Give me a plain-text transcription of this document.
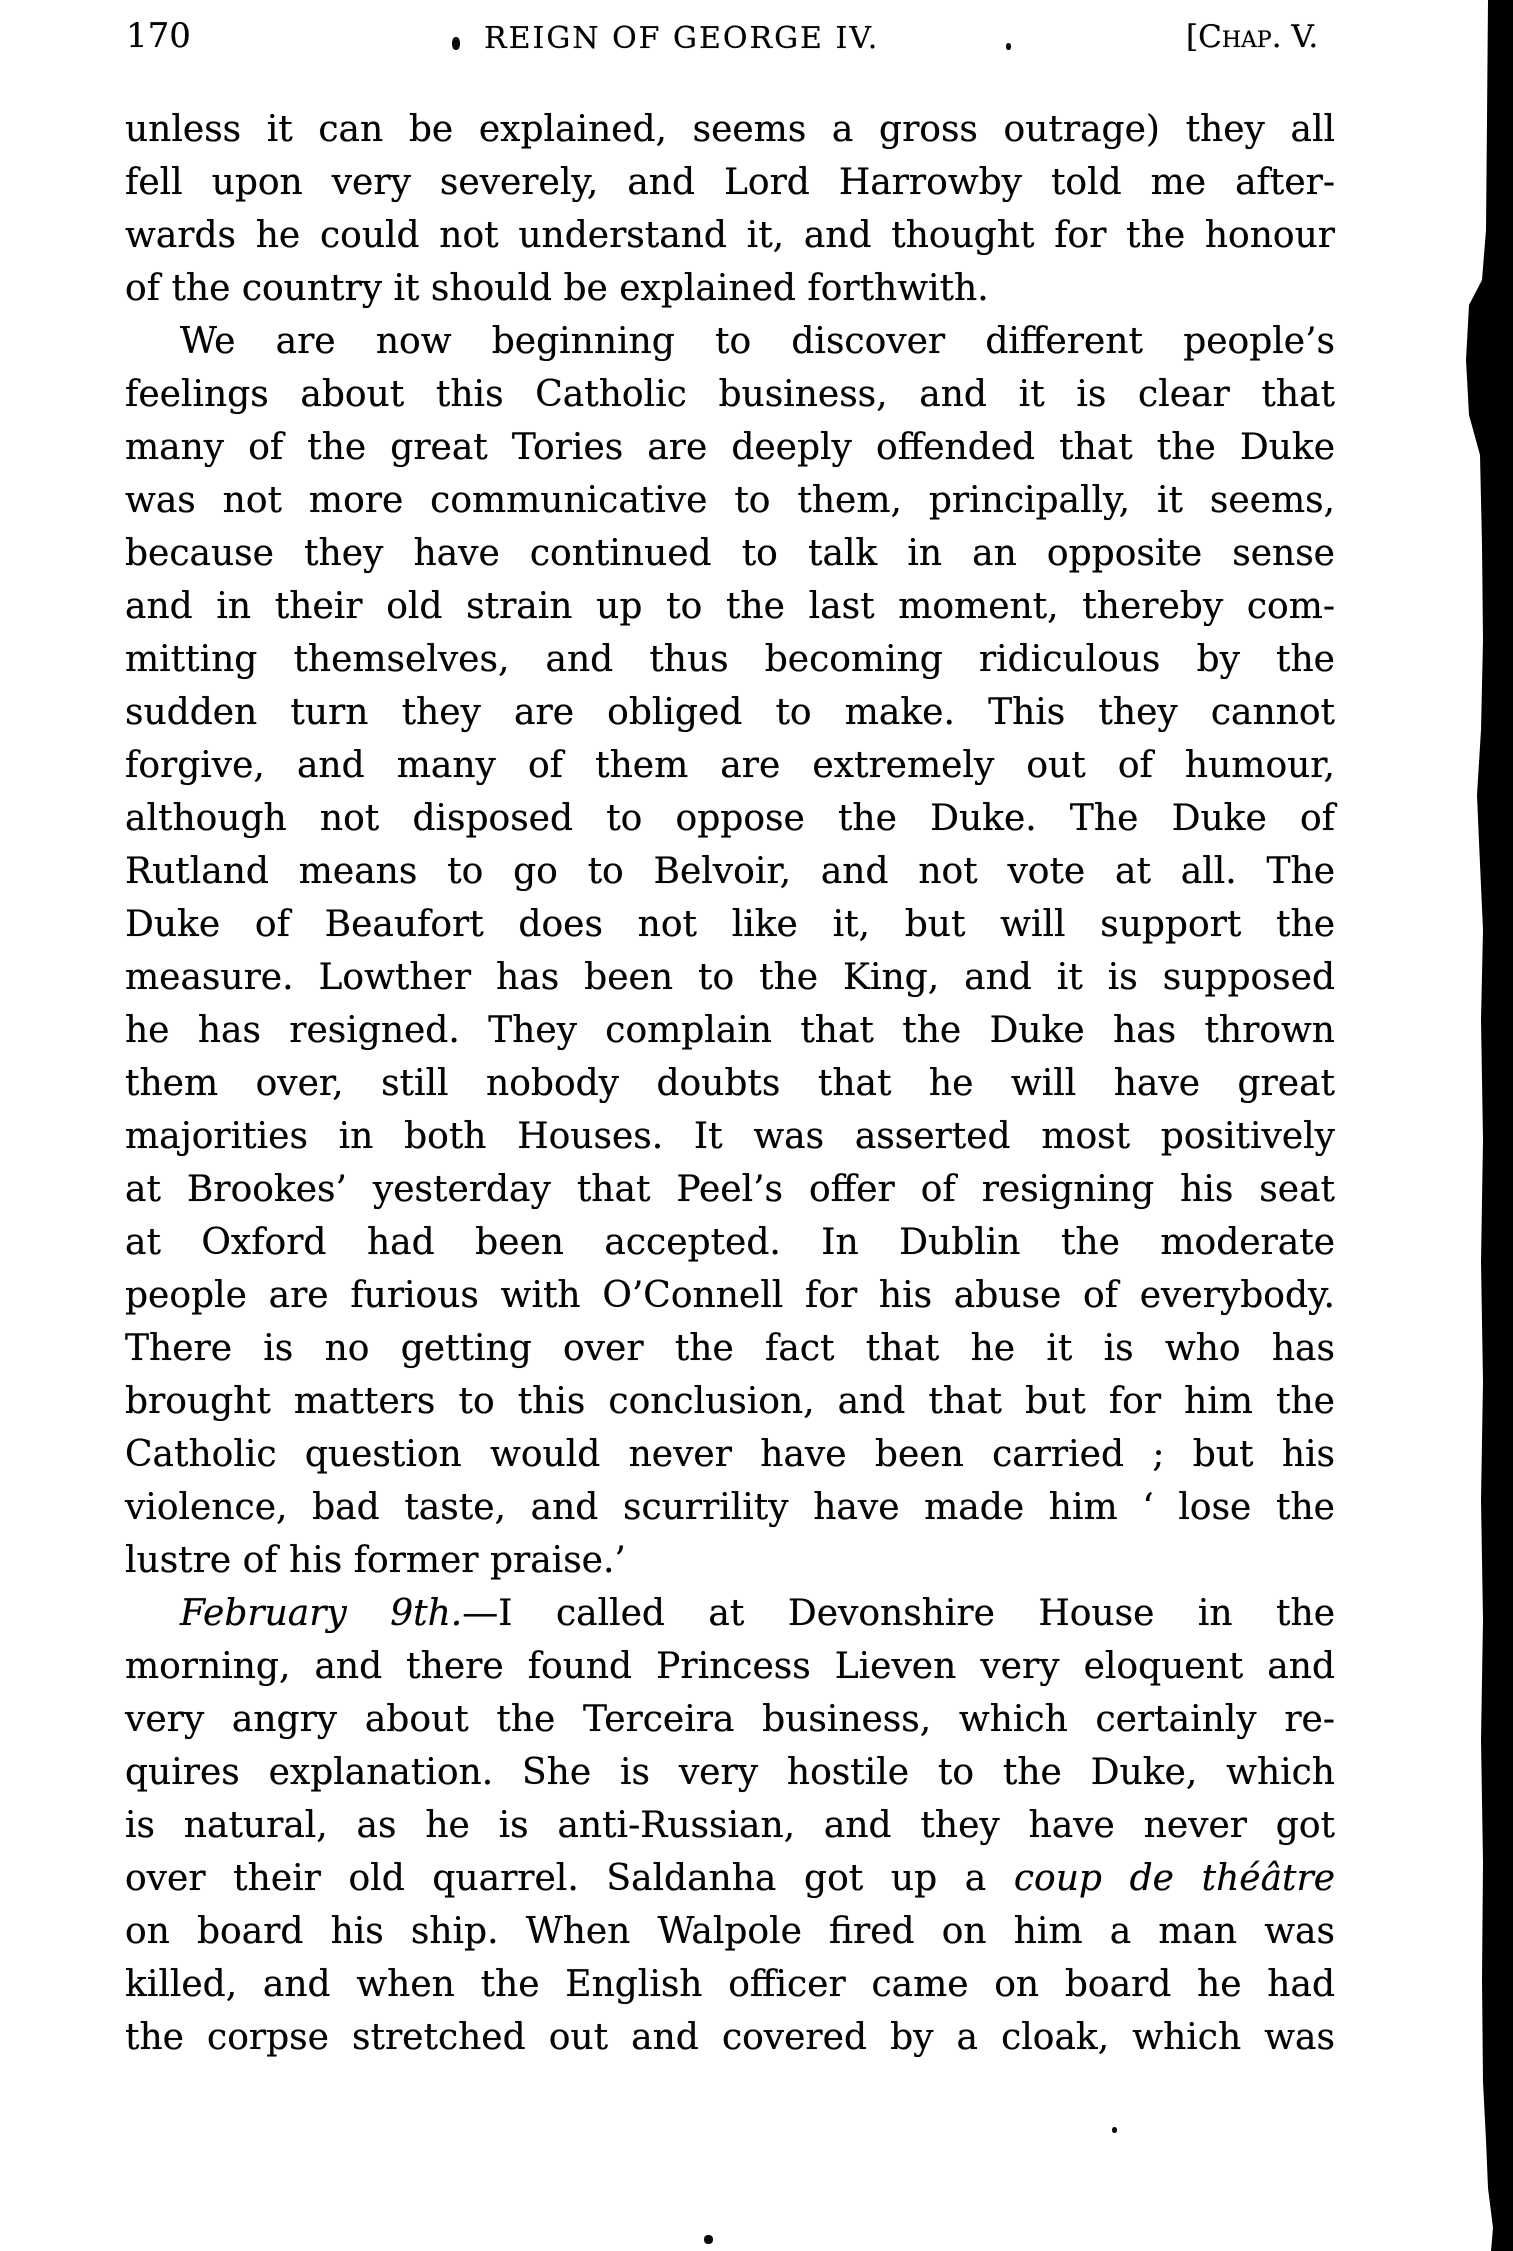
170	REIGN OF GEORGE IV.	[Chap. V.
unless it can be explained, seems a gross outrage) they all
fell upon very severely, and Lord Harrowby told me after-
wards he could not understand it, and thought for the honour
of the country it should be explained forthwith.
We are now beginning to discover different people’s
feelings about this Catholic business, and it is clear that
many of the great Tories are deeply offended that the Duke
was not more communicative to them, principally, it seems,
because they have continued to talk in an opposite sense
and in their old strain up to the last moment, thereby com-
mitting themselves, and thus becoming ridiculous by the
sudden turn they are obliged to make. This they cannot
forgive, and many of them are extremely out of humour,
although not disposed to oppose the Duke. The Duke of
Rutland means to go to Belvoir, and not vote at all. The
Duke of Beaufort does not like it, but will support the
measure. Lowther has been to the King, and it is supposed
he has resigned. They complain that the Duke has thrown
them over, still nobody doubts that he will have great
majorities in both Houses. It was asserted most positively
at Brookes’ yesterday that Peel’s offer of resigning his seat
at Oxford had been accepted. In Dublin the moderate
people are furious with O’Connell for his abuse of everybody.
There is no getting over the fact that he it is who has
brought matters to this conclusion, and that but for him the
Catholic question would never have been carried ; but his
violence, bad taste, and scurrility have made him ‘ lose the
lustre of his former praise.’
February 9th.—I called at Devonshire House in the
morning, and there found Princess Lieven very eloquent and
very angry about the Terceira business, which certainly re-
quires explanation. She is very hostile to the Duke, which
is natural, as he is anti-Russian, and they have never got
over their old quarrel. Saldanha got up a coup de théâtre
on board his ship. When Walpole fired on him a man was
killed, and when the English officer came on board he had
the corpse stretched out and covered by a cloak, which was
